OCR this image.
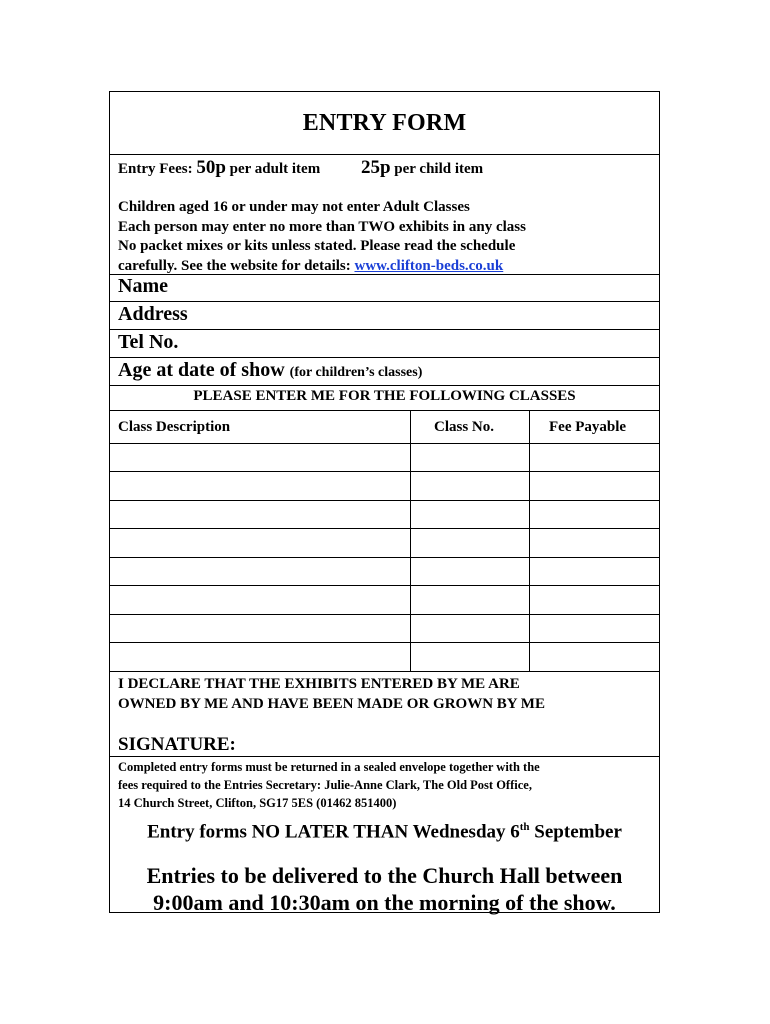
ENTRY FORM
Entry Fees: 50p per adult item 25p per child item
Children aged 16 or under may not enter Adult Classes
Each person may enter no more than TWO exhibits in any class
No packet mixes or kits unless stated. Please read the schedule
carefully. See the website for details: www.clifton-beds.co.uk
Name
Address
Tel No.
Age at date of show (for children’s classes)
PLEASE ENTER ME FOR THE FOLLOWING CLASSES
Class Description	Class No.	Fee Payable
I DECLARE THAT THE EXHIBITS ENTERED BY ME ARE
OWNED BY ME AND HAVE BEEN MADE OR GROWN BY ME
SIGNATURE:
Completed entry forms must be returned in a sealed envelope together with the
fees required to the Entries Secretary: Julie-Anne Clark, The Old Post Office,
14 Church Street, Clifton, SG17 5ES (01462 851400)
Entry forms NO LATER THAN Wednesday 6th September
Entries to be delivered to the Church Hall between
9:00am and 10:30am on the morning of the show.
